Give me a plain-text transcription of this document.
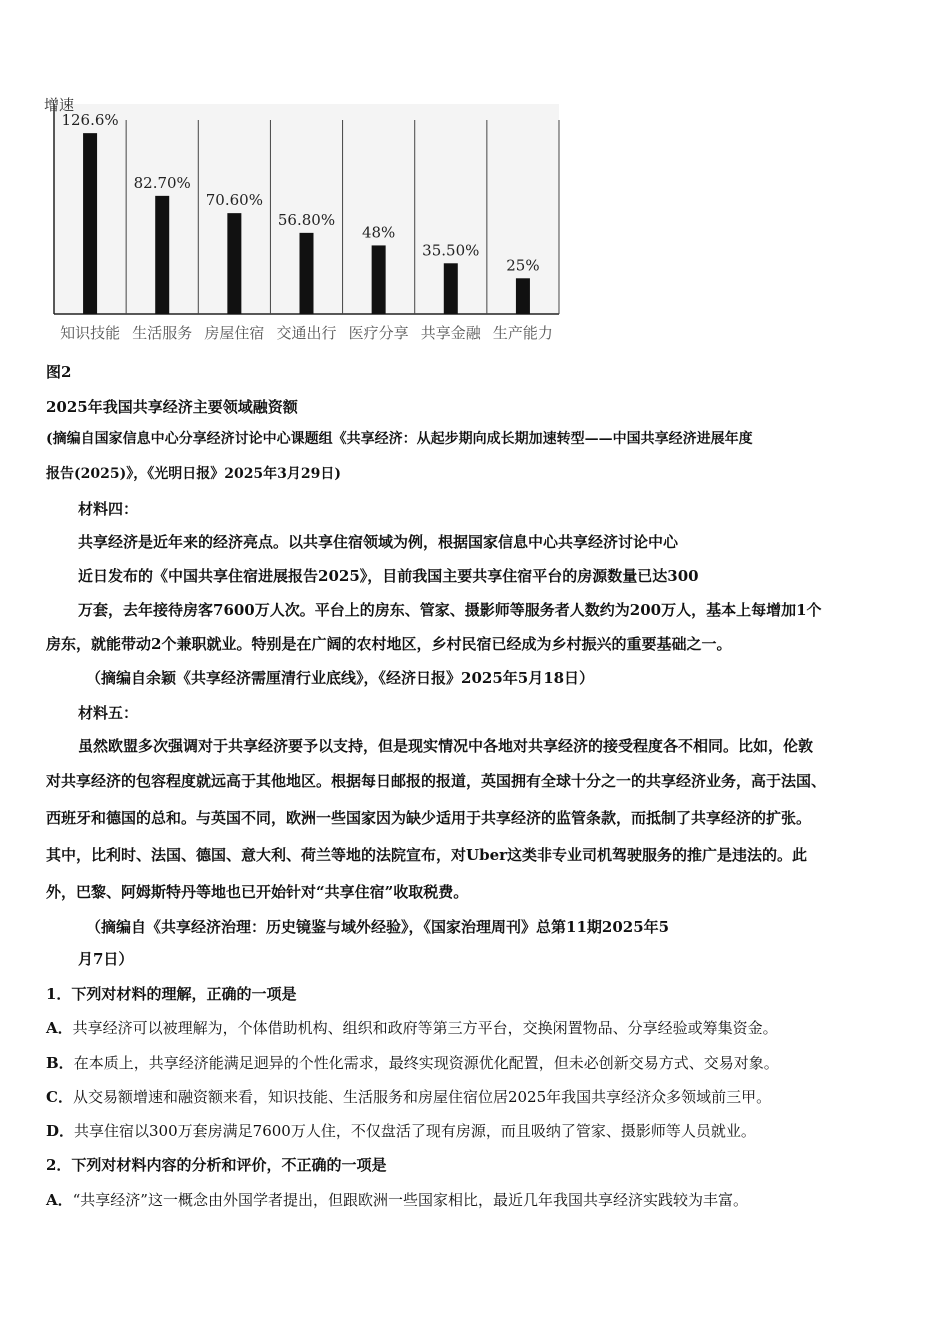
增速
126.6%
知识技能
82.70%
生活服务
70.60%
房屋住宿
56.80%
交通出行
48%
医疗分享
35.50%
共享金融
25%
生产能力
图2
2025年我国共享经济主要领域融资额
(摘编自国家信息中心分享经济讨论中心课题组《共享经济：从起步期向成长期加速转型——中国共享经济进展年度
报告(2025)》，《光明日报》2025年3月29日)
材料四：
共享经济是近年来的经济亮点。以共享住宿领域为例，根据国家信息中心共享经济讨论中心
近日发布的《中国共享住宿进展报告2025》，目前我国主要共享住宿平台的房源数量已达300
万套，去年接待房客7600万人次。平台上的房东、管家、摄影师等服务者人数约为200万人，基本上每增加1个
房东，就能带动2个兼职就业。特别是在广阔的农村地区，乡村民宿已经成为乡村振兴的重要基础之一。
（摘编自余颖《共享经济需厘清行业底线》，《经济日报》2025年5月18日）
材料五：
虽然欧盟多次强调对于共享经济要予以支持，但是现实情况中各地对共享经济的接受程度各不相同。比如，伦敦
对共享经济的包容程度就远高于其他地区。根据每日邮报的报道，英国拥有全球十分之一的共享经济业务，高于法国、
西班牙和德国的总和。与英国不同，欧洲一些国家因为缺少适用于共享经济的监管条款，而抵制了共享经济的扩张。
其中，比利时、法国、德国、意大利、荷兰等地的法院宣布，对Uber这类非专业司机驾驶服务的推广是违法的。此
外，巴黎、阿姆斯特丹等地也已开始针对“共享住宿”收取税费。
（摘编自《共享经济治理：历史镜鉴与域外经验》，《国家治理周刊》总第11期2025年5
月7日）
1．下列对材料的理解，正确的一项是
A．共享经济可以被理解为，个体借助机构、组织和政府等第三方平台，交换闲置物品、分享经验或筹集资金。
B．在本质上，共享经济能满足迥异的个性化需求，最终实现资源优化配置，但未必创新交易方式、交易对象。
C．从交易额增速和融资额来看，知识技能、生活服务和房屋住宿位居2025年我国共享经济众多领域前三甲。
D．共享住宿以300万套房满足7600万人住，不仅盘活了现有房源，而且吸纳了管家、摄影师等人员就业。
2．下列对材料内容的分析和评价，不正确的一项是
A．“共享经济”这一概念由外国学者提出，但跟欧洲一些国家相比，最近几年我国共享经济实践较为丰富。
